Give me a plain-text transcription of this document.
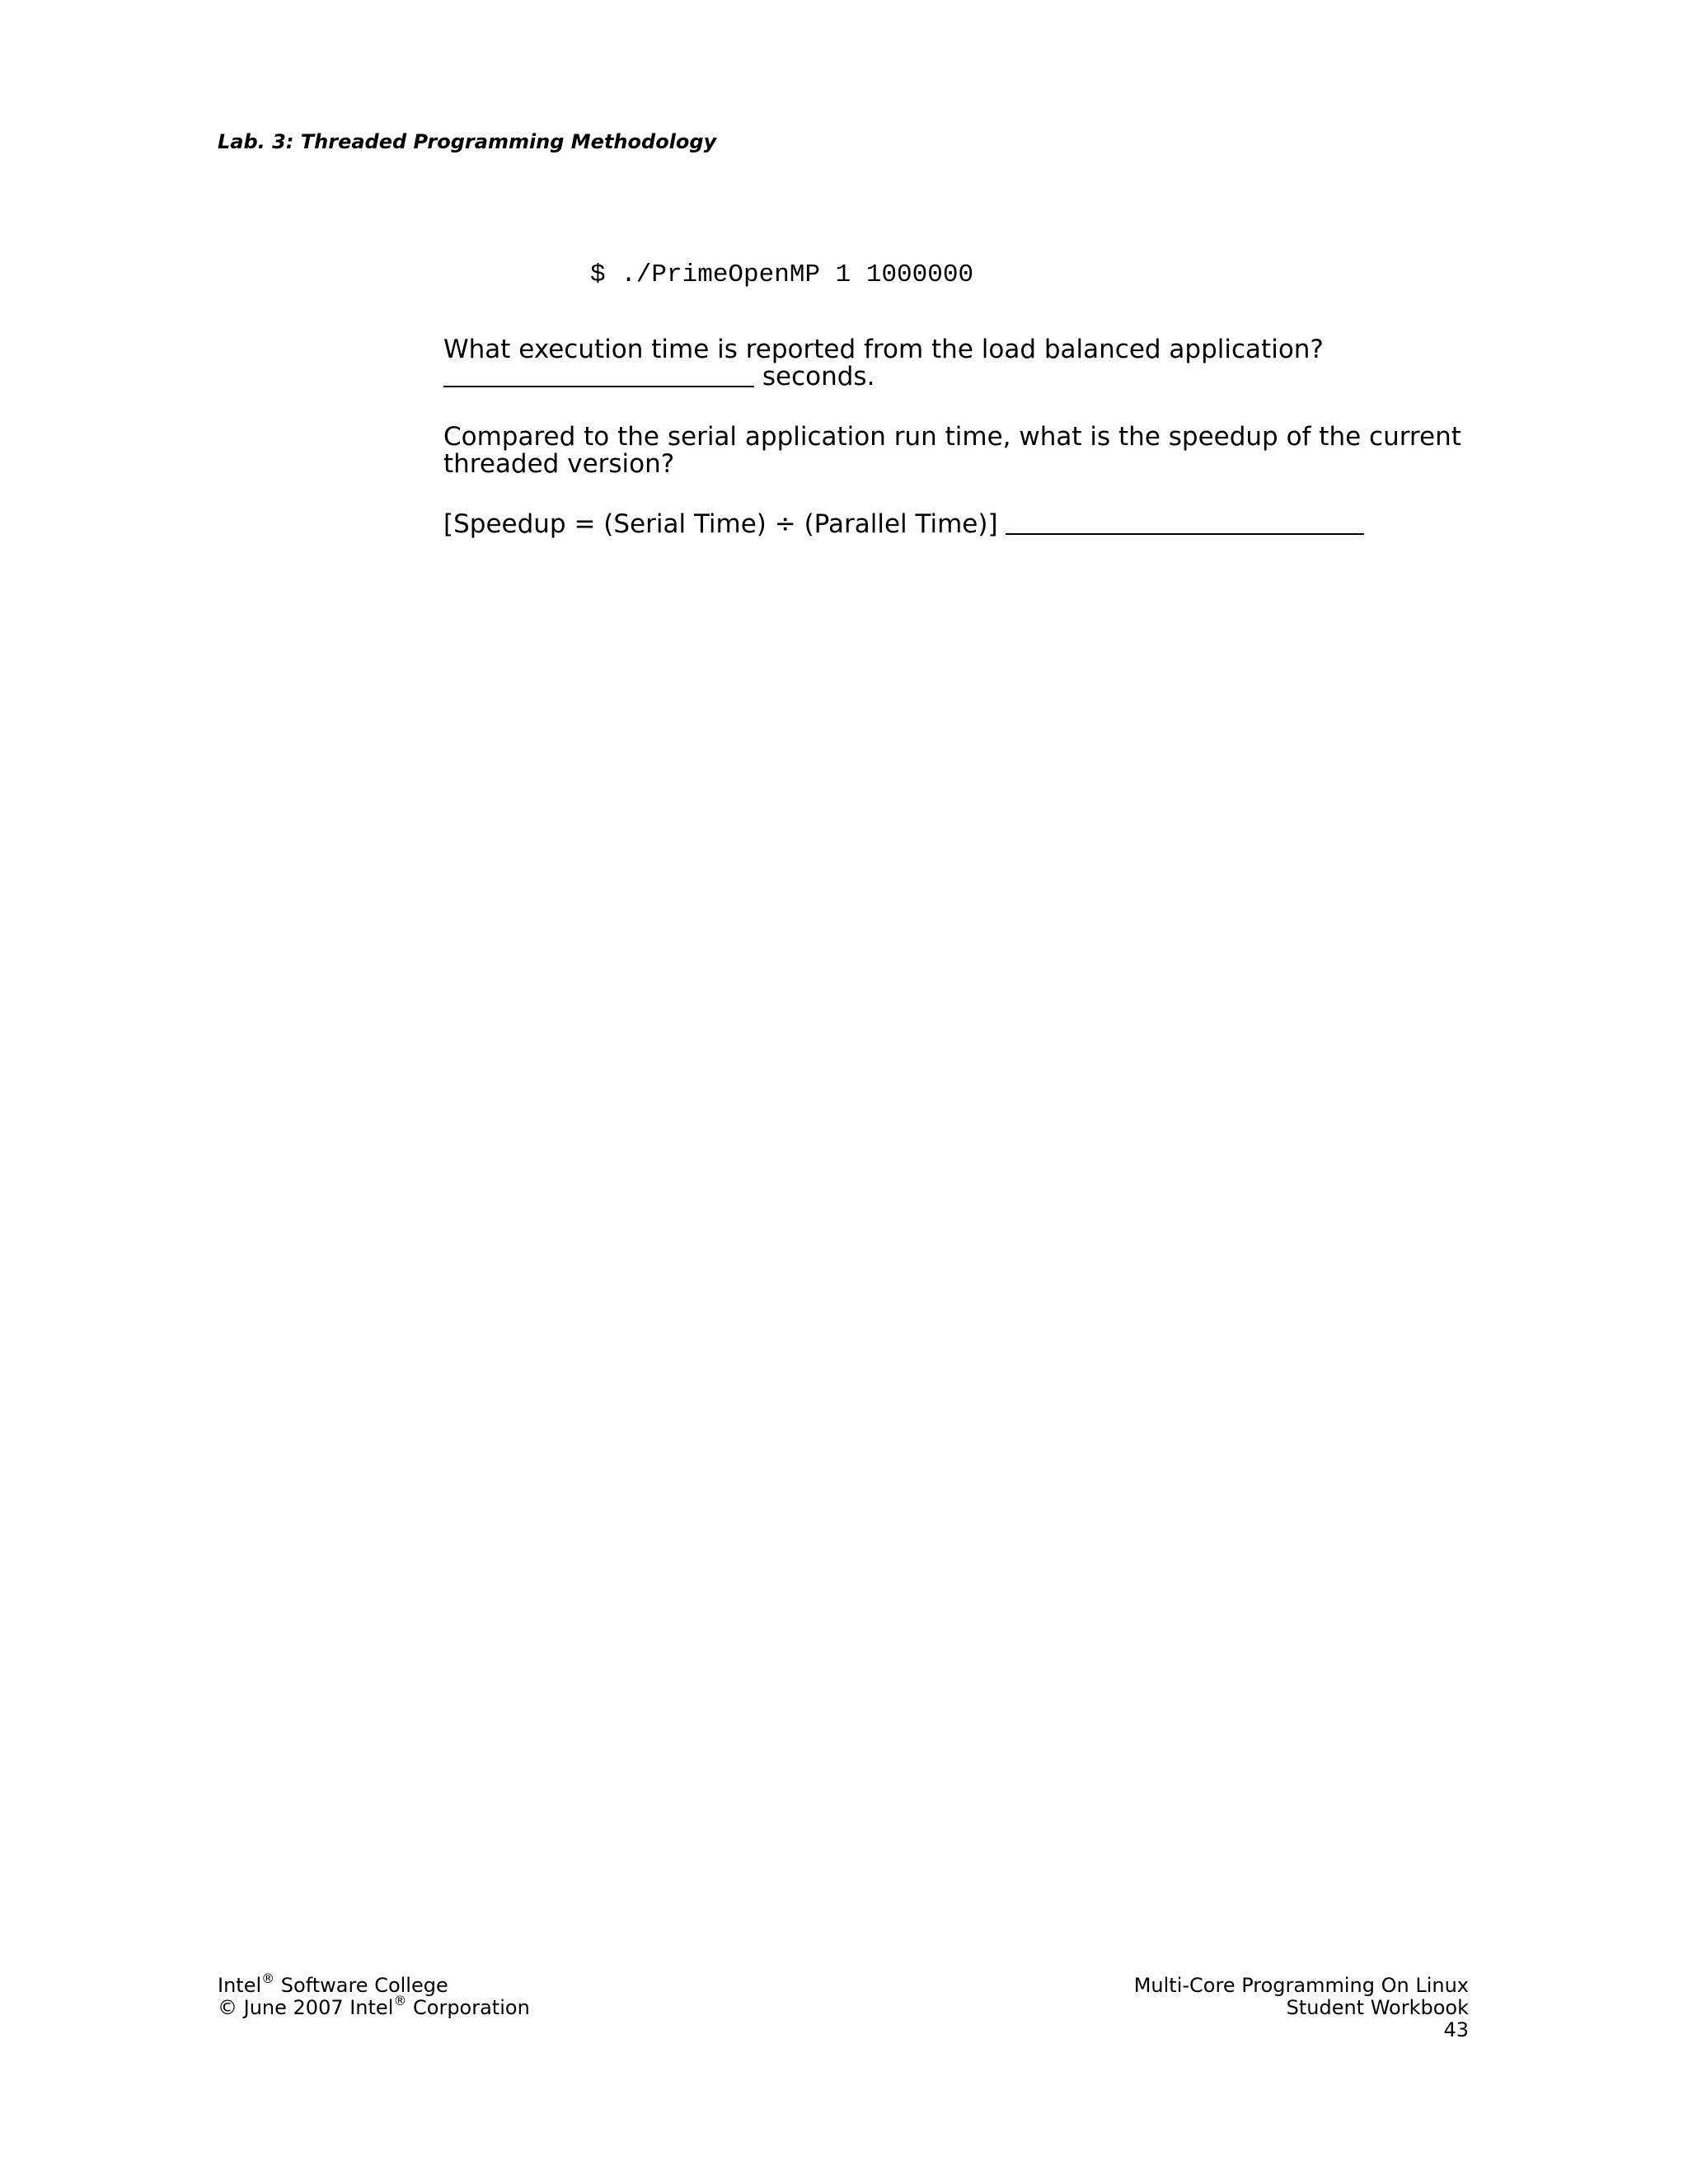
Lab. 3: Threaded Programming Methodology
$ ./PrimeOpenMP 1 1000000
What execution time is reported from the load balanced application?
seconds.
Compared to the serial application run time, what is the speedup of the current
threaded version?
[Speedup = (Serial Time) ÷ (Parallel Time)]
Intel® Software College
© June 2007 Intel® Corporation
Multi-Core Programming On Linux
Student Workbook
43
